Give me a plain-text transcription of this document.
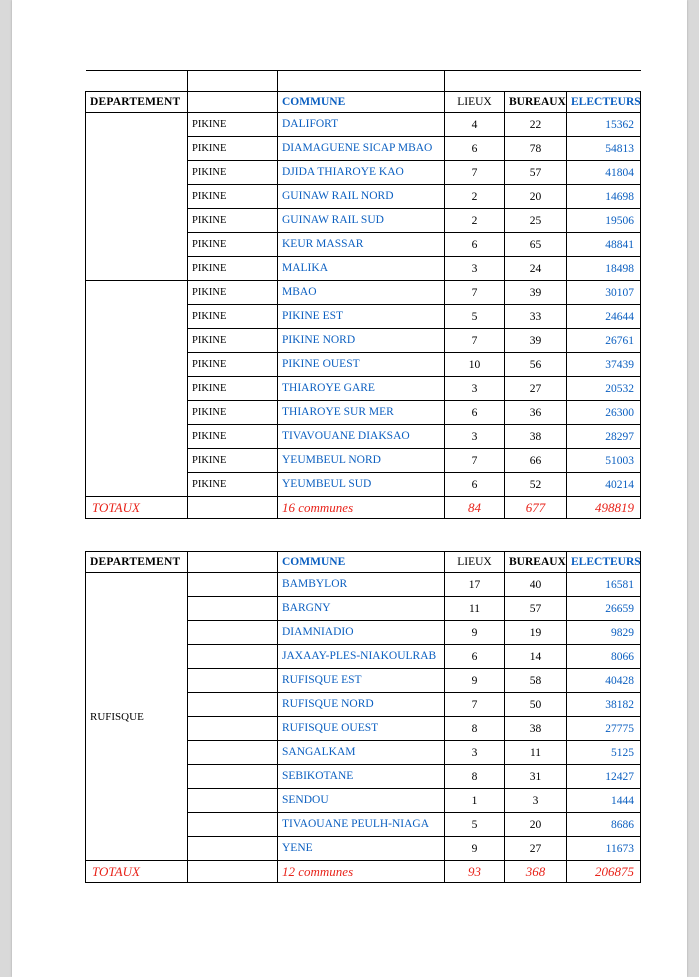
DEPARTEMENT		COMMUNE	LIEUX	BUREAUX	ELECTEURS
	PIKINE	DALIFORT	4	22	15362
	PIKINE	DIAMAGUENE SICAP MBAO	6	78	54813
	PIKINE	DJIDA THIAROYE KAO	7	57	41804
	PIKINE	GUINAW RAIL NORD	2	20	14698
	PIKINE	GUINAW RAIL SUD	2	25	19506
	PIKINE	KEUR MASSAR	6	65	48841
	PIKINE	MALIKA	3	24	18498
	PIKINE	MBAO	7	39	30107
	PIKINE	PIKINE EST	5	33	24644
	PIKINE	PIKINE NORD	7	39	26761
	PIKINE	PIKINE OUEST	10	56	37439
	PIKINE	THIAROYE GARE	3	27	20532
	PIKINE	THIAROYE SUR MER	6	36	26300
	PIKINE	TIVAVOUANE DIAKSAO	3	38	28297
	PIKINE	YEUMBEUL NORD	7	66	51003
	PIKINE	YEUMBEUL SUD	6	52	40214
TOTAUX		16 communes	84	677	498819
DEPARTEMENT		COMMUNE	LIEUX	BUREAUX	ELECTEURS
RUFISQUE		BAMBYLOR	17	40	16581
		BARGNY	11	57	26659
		DIAMNIADIO	9	19	9829
		JAXAAY-PLES-NIAKOULRAB	6	14	8066
		RUFISQUE EST	9	58	40428
		RUFISQUE NORD	7	50	38182
		RUFISQUE OUEST	8	38	27775
		SANGALKAM	3	11	5125
		SEBIKOTANE	8	31	12427
		SENDOU	1	3	1444
		TIVAOUANE PEULH-NIAGA	5	20	8686
		YENE	9	27	11673
TOTAUX		12 communes	93	368	206875
